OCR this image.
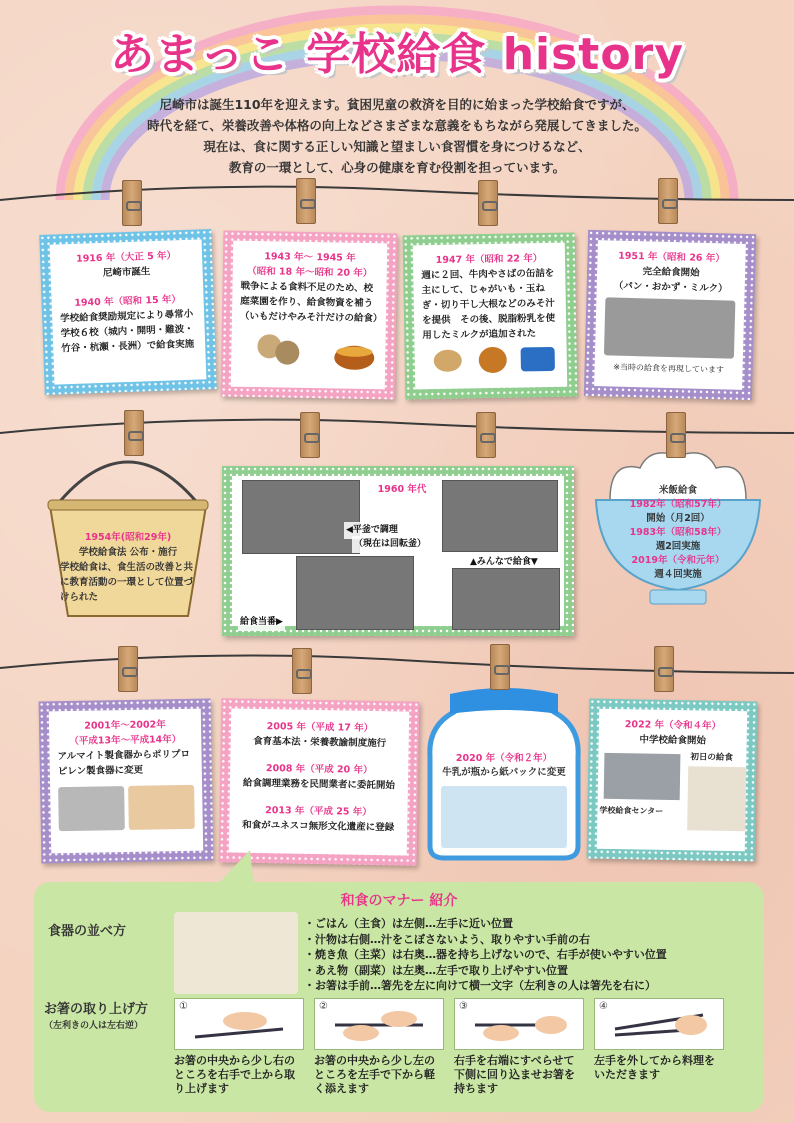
あまっこ 学校給食 history
尼崎市は誕生110年を迎えます。貧困児童の救済を目的に始まった学校給食ですが、
時代を経て、栄養改善や体格の向上などさまざまな意義をもちながら発展してきました。
現在は、食に関する正しい知識と望ましい食習慣を身につけるなど、
教育の一環として、心身の健康を育む役割を担っています。
1916 年（大正 5 年）
尼崎市誕生
1940 年（昭和 15 年）
学校給食奨励規定により尋常小学校６校（城内・開明・難波・竹谷・杭瀬・長洲）で給食実施
1943 年～ 1945 年
（昭和 18 年～昭和 20 年）
戦争による食料不足のため、校庭菜園を作り、給食物資を補う（いもだけやみそ汁だけの給食）
1947 年（昭和 22 年）
週に２回、牛肉やさばの缶詰を主にして、じゃがいも・玉ねぎ・切り干し大根などのみそ汁を提供　その後、脱脂粉乳を使用したミルクが追加された
1951 年（昭和 26 年）
完全給食開始
（パン・おかず・ミルク）
※当時の給食を再現しています
1954年(昭和29年)
学校給食法 公布・施行
学校給食は、食生活の改善と共に教育活動の一環として位置づけられた
1960 年代
◀平釜で調理
（現在は回転釜）
▲みんなで給食▼
給食当番▶
米飯給食
1982年（昭和57年）
開始（月2回）
1983年（昭和58年）
週2回実施
2019年（令和元年）
週４回実施
2001年～2002年
（平成13年～平成14年）
アルマイト製食器からポリプロピレン製食器に変更
2005 年（平成 17 年）
食育基本法・栄養教諭制度施行
2008 年（平成 20 年）
給食調理業務を民間業者に委託開始
2013 年（平成 25 年）
和食がユネスコ無形文化遺産に登録
2020 年（令和２年）
牛乳が瓶から紙パックに変更
2022 年（令和４年）
中学校給食開始
学校給食センター
初日の給食
和食のマナー 紹介
食器の並べ方
・ごはん（主食）は左側…左手に近い位置
・汁物は右側…汁をこぼさないよう、取りやすい手前の右
・焼き魚（主菜）は右奥…器を持ち上げないので、右手が使いやすい位置
・あえ物（副菜）は左奥…左手で取り上げやすい位置
・お箸は手前…箸先を左に向けて横一文字（左利きの人は箸先を右に）
お箸の取り上げ方
（左利きの人は左右逆）
①
お箸の中央から少し右のところを右手で上から取り上げます
②
お箸の中央から少し左のところを左手で下から軽く添えます
③
右手を右端にすべらせて下側に回り込ませお箸を持ちます
④
左手を外してから料理をいただきます
